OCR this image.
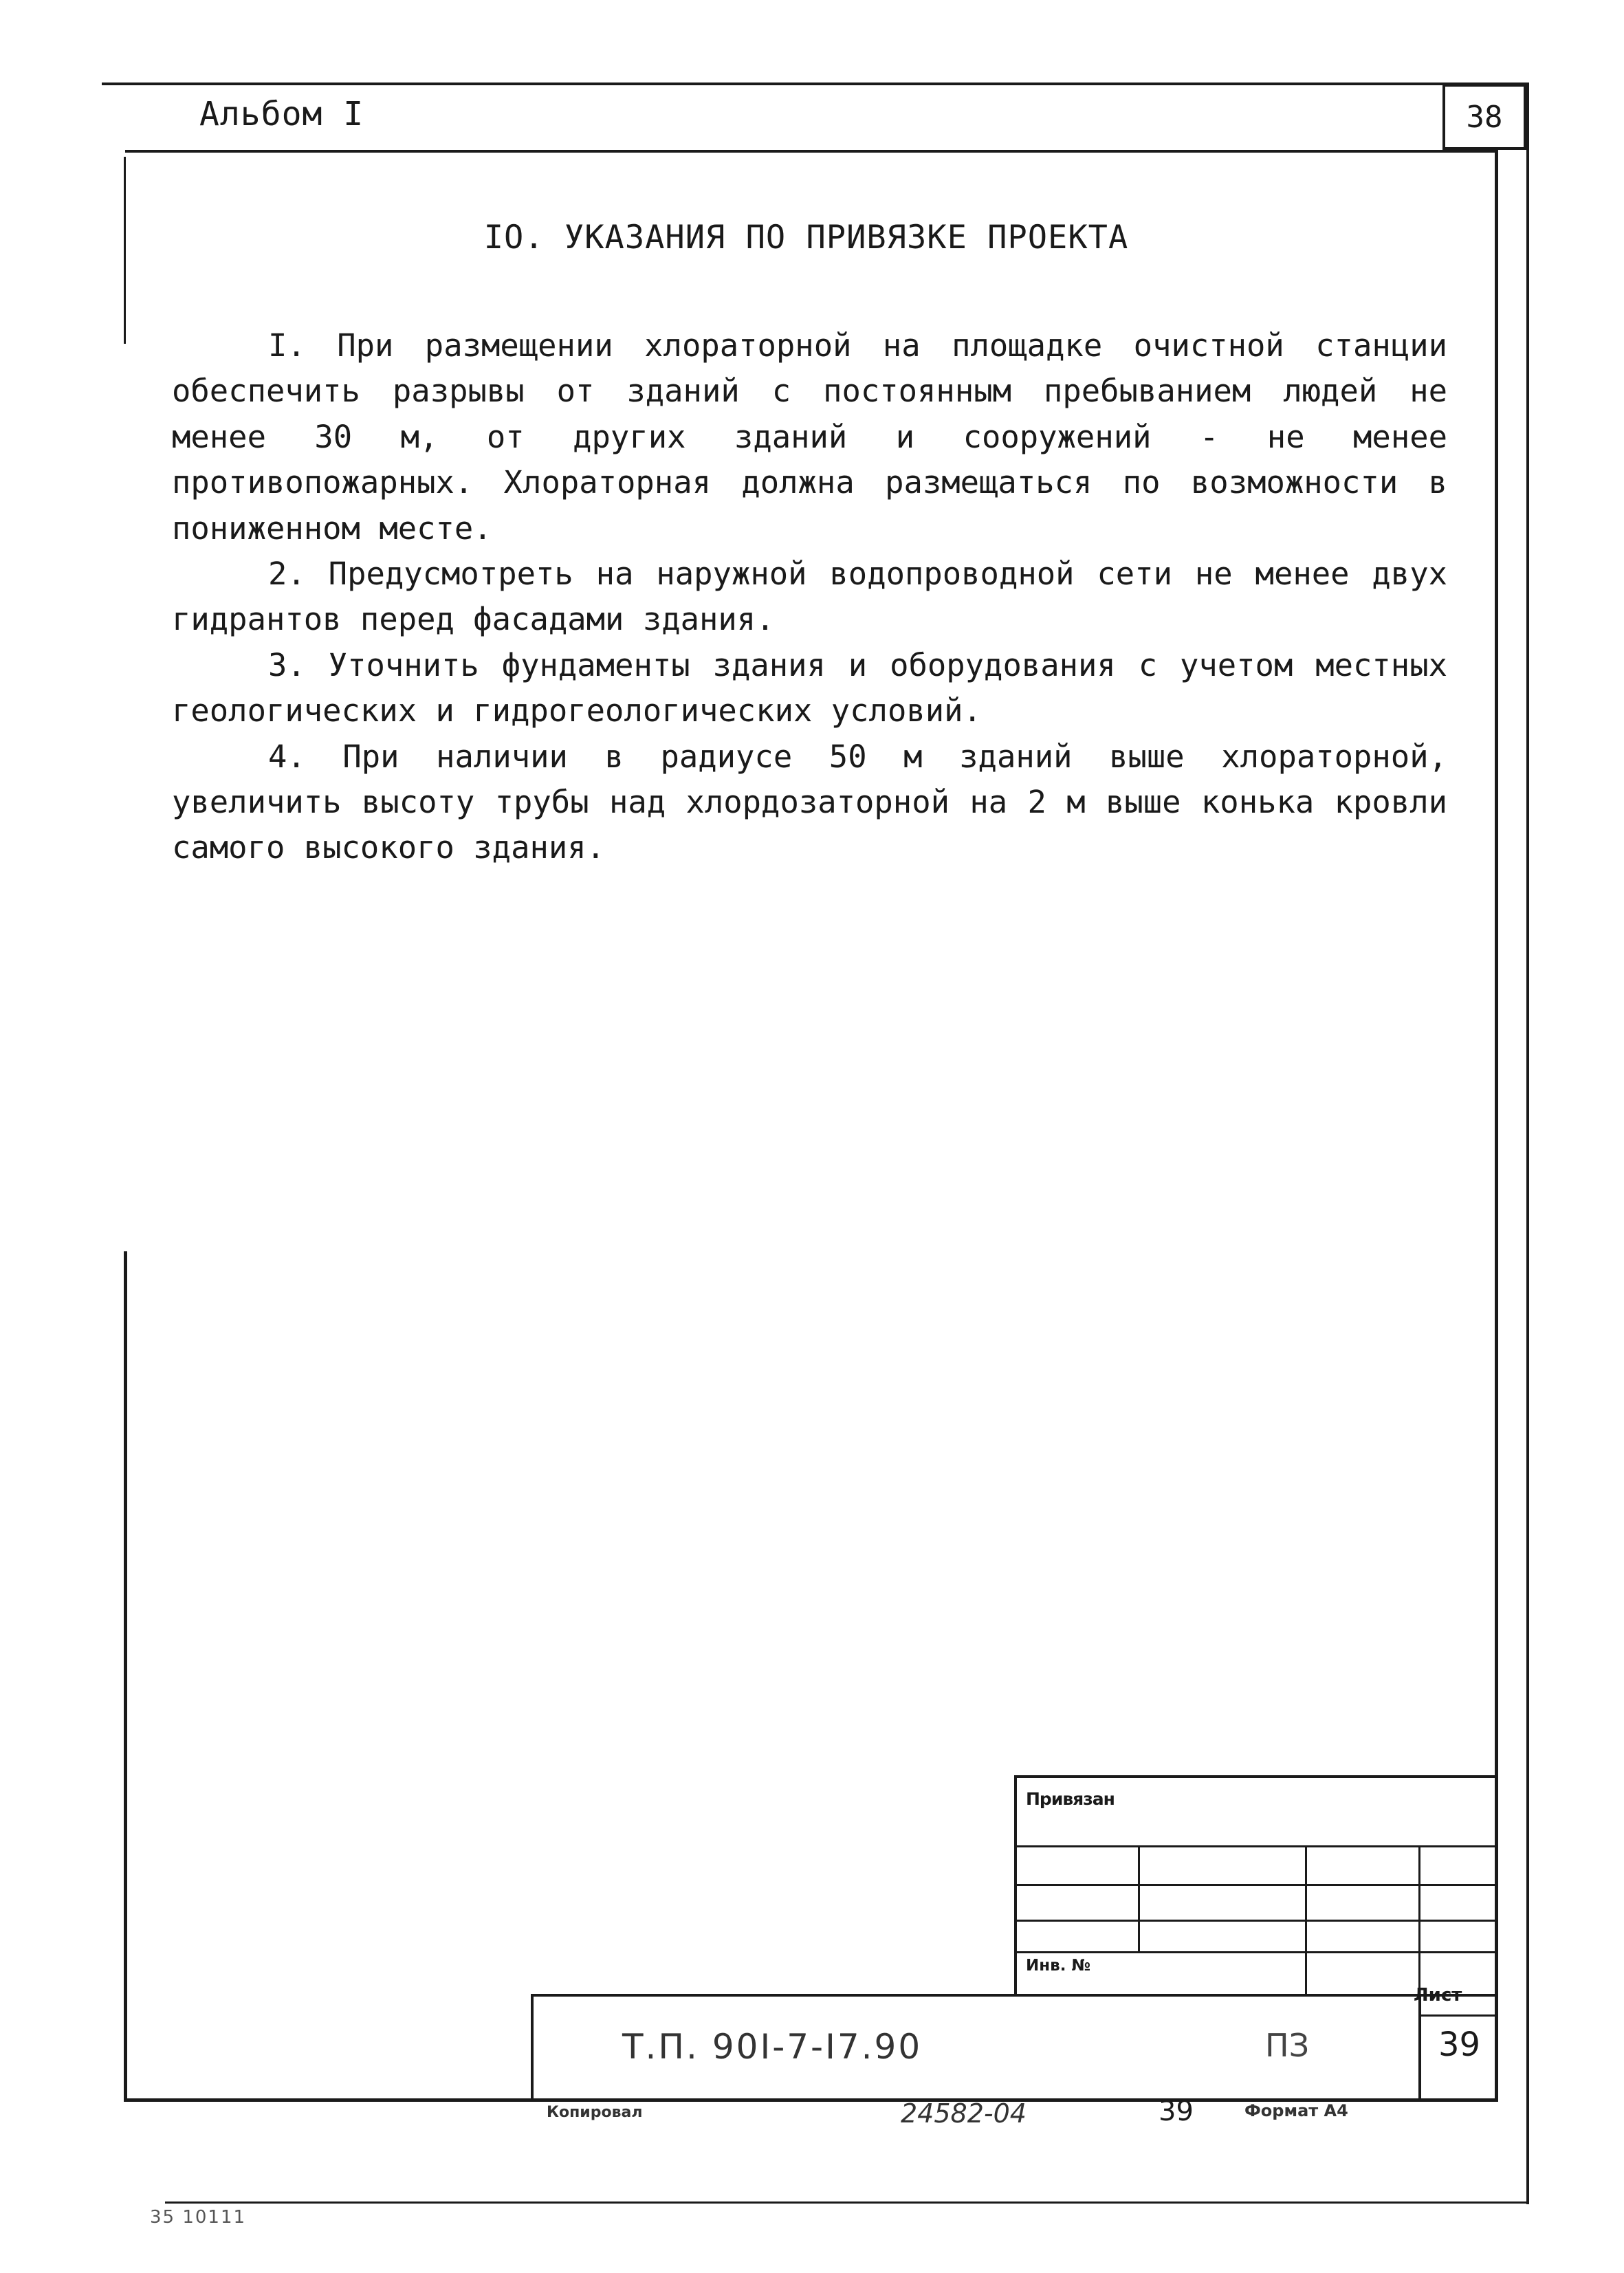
Альбом I	38
IO. УКАЗАНИЯ ПО ПРИВЯЗКЕ ПРОЕКТА

I. При размещении хлораторной на площадке очистной станции обеспечить разрывы от зданий с постоянным пребыванием людей не менее 30 м, от других зданий и сооружений - не менее противопожарных. Хлораторная должна размещаться по возможности в пониженном месте.

2. Предусмотреть на наружной водопроводной сети не менее двух гидрантов перед фасадами здания.

3. Уточнить фундаменты здания и оборудования с учетом местных геологических и гидрогеологических условий.

4. При наличии в радиусе 50 м зданий выше хлораторной, увеличить высоту трубы над хлордозаторной на 2 м выше конька кровли самого высокого здания.

Привязан
Инв. №
Т.П. 90I-7-I7.90	ПЗ
Лист
39
Копировал	24582-04	39	Формат А4
35 10111
